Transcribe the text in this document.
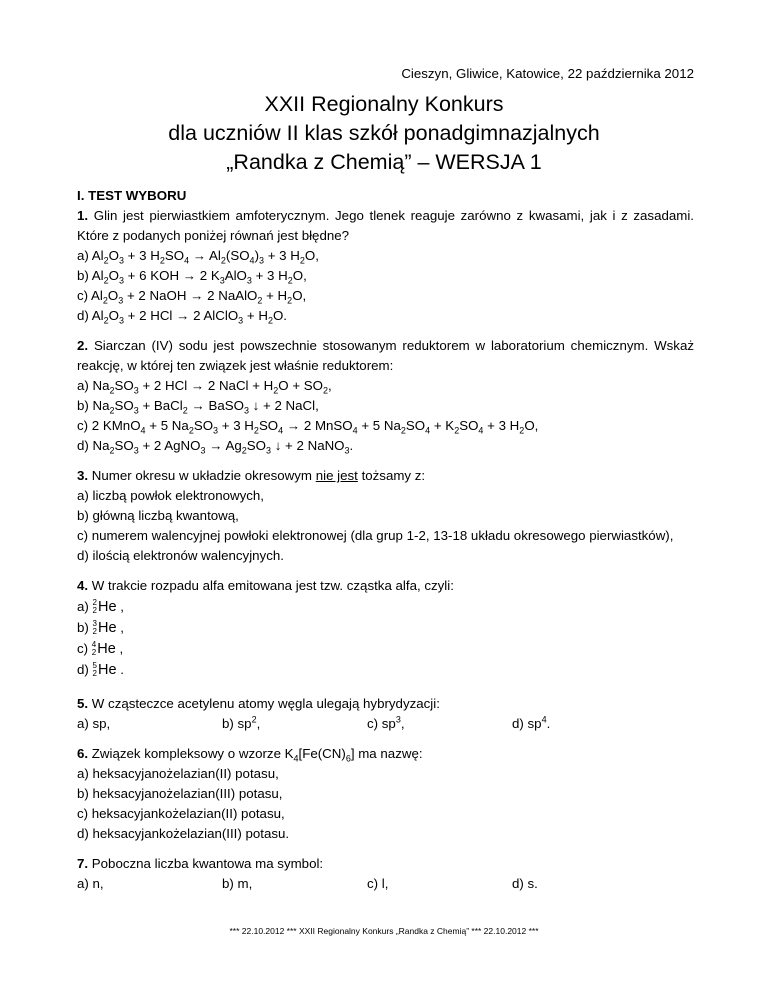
Cieszyn, Gliwice, Katowice, 22 października 2012
XXII Regionalny Konkurs
dla uczniów II klas szkół ponadgimnazjalnych
„Randka z Chemią” – WERSJA 1
I. TEST WYBORU
1. Glin jest pierwiastkiem amfoterycznym. Jego tlenek reaguje zarówno z kwasami, jak i z zasadami. Które z podanych poniżej równań jest błędne?
a) $Al_2O_3 + 3$ $H_2SO_4 \to Al_2(SO_4)_3 + 3$ $H_2O$,
b) $Al_2O_3 + 6$ KOH → 2 $K_3AlO_3 + 3$ $H_2O$,
c) $Al_2O_3 + 2$ NaOH → 2 NaAlO$_2$ + $H_2O$,
d) $Al_2O_3 + 2$ HCl → 2 AlClO$_3$ + $H_2O$.
2. Siarczan (IV) sodu jest powszechnie stosowanym reduktorem w laboratorium chemicznym. Wskaż reakcję, w której ten związek jest właśnie reduktorem:
a) $Na_2SO_3 + 2$ HCl → 2 NaCl + $H_2O + SO_2$,
b) $Na_2SO_3$ + BaCl$_2$ → BaSO$_3$ ↓ + 2 NaCl,
c) 2 KMnO$_4$ + 5 $Na_2SO_3 + 3$ $H_2SO_4 \to 2$ MnSO$_4$ + 5 $Na_2SO_4 + K_2SO_4 + 3$ $H_2O$,
d) $Na_2SO_3 + 2$ AgNO$_3$ → $Ag_2SO_3$ ↓ + 2 NaNO$_3$.
3. Numer okresu w układzie okresowym nie jest tożsamy z:
a) liczbą powłok elektronowych,
b) główną liczbą kwantową,
c) numerem walencyjnej powłoki elektronowej (dla grup 1-2, 13-18 układu okresowego pierwiastków),
d) ilością elektronów walencyjnych.
4. W trakcie rozpadu alfa emitowana jest tzw. cząstka alfa, czyli:
a)
2
2 He
,
b)
3
2 He
,
c)
4
2 He
,
d)
5
2 He
.
5. W cząsteczce acetylenu atomy węgla ulegają hybrydyzacji:
a) sp,	b) $sp^2$,	c) $sp^3$,	d) $sp^4$.
6. Związek kompleksowy o wzorze $K_4[Fe(CN)_6]$ ma nazwę:
a) heksacyjanożelazian(II) potasu,
b) heksacyjanożelazian(III) potasu,
c) heksacyjankożelazian(II) potasu,
d) heksacyjankożelazian(III) potasu.
7. Poboczna liczba kwantowa ma symbol:
a) n,	b) m,	c) l,	d) s.
*** 22.10.2012 *** XXII Regionalny Konkurs „Randka z Chemią” *** 22.10.2012 ***
